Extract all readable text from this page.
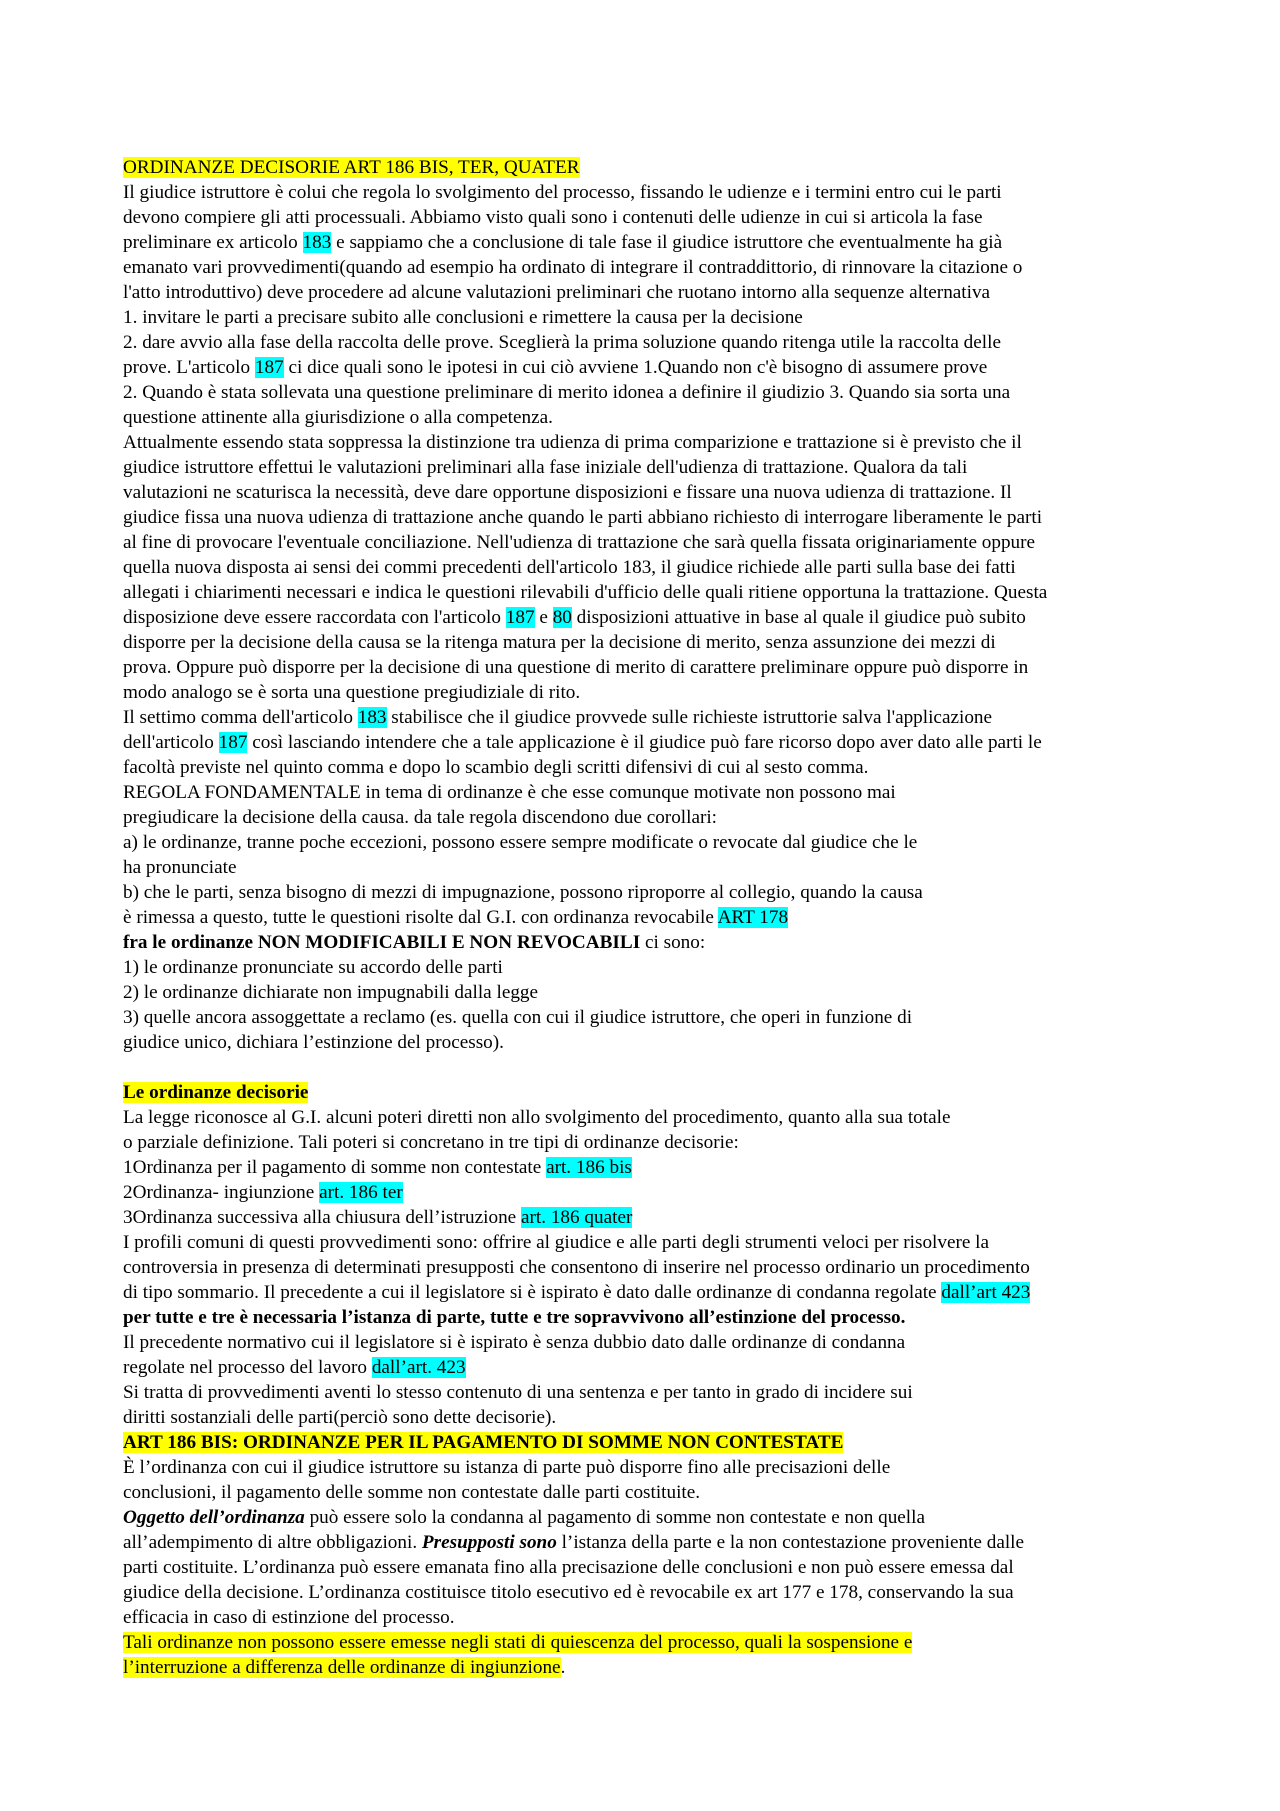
ORDINANZE DECISORIE ART 186 BIS, TER, QUATER
Il giudice istruttore è colui che regola lo svolgimento del processo, fissando le udienze e i termini entro cui le parti
devono compiere gli atti processuali. Abbiamo visto quali sono i contenuti delle udienze in cui si articola la fase
preliminare ex articolo 183 e sappiamo che a conclusione di tale fase il giudice istruttore che eventualmente ha già
emanato vari provvedimenti(quando ad esempio ha ordinato di integrare il contraddittorio, di rinnovare la citazione o
l'atto introduttivo) deve procedere ad alcune valutazioni preliminari che ruotano intorno alla sequenze alternativa
1. invitare le parti a precisare subito alle conclusioni e rimettere la causa per la decisione
2. dare avvio alla fase della raccolta delle prove. Sceglierà la prima soluzione quando ritenga utile la raccolta delle
prove. L'articolo 187 ci dice quali sono le ipotesi in cui ciò avviene 1.Quando non c'è bisogno di assumere prove
2. Quando è stata sollevata una questione preliminare di merito idonea a definire il giudizio 3. Quando sia sorta una
questione attinente alla giurisdizione o alla competenza.
Attualmente essendo stata soppressa la distinzione tra udienza di prima comparizione e trattazione si è previsto che il
giudice istruttore effettui le valutazioni preliminari alla fase iniziale dell'udienza di trattazione. Qualora da tali
valutazioni ne scaturisca la necessità, deve dare opportune disposizioni e fissare una nuova udienza di trattazione. Il
giudice fissa una nuova udienza di trattazione anche quando le parti abbiano richiesto di interrogare liberamente le parti
al fine di provocare l'eventuale conciliazione. Nell'udienza di trattazione che sarà quella fissata originariamente oppure
quella nuova disposta ai sensi dei commi precedenti dell'articolo 183, il giudice richiede alle parti sulla base dei fatti
allegati i chiarimenti necessari e indica le questioni rilevabili d'ufficio delle quali ritiene opportuna la trattazione. Questa
disposizione deve essere raccordata con l'articolo 187 e 80 disposizioni attuative in base al quale il giudice può subito
disporre per la decisione della causa se la ritenga matura per la decisione di merito, senza assunzione dei mezzi di
prova. Oppure può disporre per la decisione di una questione di merito di carattere preliminare oppure può disporre in
modo analogo se è sorta una questione pregiudiziale di rito.
Il settimo comma dell'articolo 183 stabilisce che il giudice provvede sulle richieste istruttorie salva l'applicazione
dell'articolo 187 così lasciando intendere che a tale applicazione è il giudice può fare ricorso dopo aver dato alle parti le
facoltà previste nel quinto comma e dopo lo scambio degli scritti difensivi di cui al sesto comma.
REGOLA FONDAMENTALE in tema di ordinanze è che esse comunque motivate non possono mai
pregiudicare la decisione della causa. da tale regola discendono due corollari:
a) le ordinanze, tranne poche eccezioni, possono essere sempre modificate o revocate dal giudice che le
ha pronunciate
b) che le parti, senza bisogno di mezzi di impugnazione, possono riproporre al collegio, quando la causa
è rimessa a questo, tutte le questioni risolte dal G.I. con ordinanza revocabile ART 178
fra le ordinanze NON MODIFICABILI E NON REVOCABILI ci sono:
1) le ordinanze pronunciate su accordo delle parti
2) le ordinanze dichiarate non impugnabili dalla legge
3) quelle ancora assoggettate a reclamo (es. quella con cui il giudice istruttore, che operi in funzione di
giudice unico, dichiara l’estinzione del processo).
Le ordinanze decisorie
La legge riconosce al G.I. alcuni poteri diretti non allo svolgimento del procedimento, quanto alla sua totale
o parziale definizione. Tali poteri si concretano in tre tipi di ordinanze decisorie:
1Ordinanza per il pagamento di somme non contestate art. 186 bis
2Ordinanza- ingiunzione art. 186 ter
3Ordinanza successiva alla chiusura dell’istruzione art. 186 quater
I profili comuni di questi provvedimenti sono: offrire al giudice e alle parti degli strumenti veloci per risolvere la
controversia in presenza di determinati presupposti che consentono di inserire nel processo ordinario un procedimento
di tipo sommario. Il precedente a cui il legislatore si è ispirato è dato dalle ordinanze di condanna regolate dall’art 423
per tutte e tre è necessaria l’istanza di parte, tutte e tre sopravvivono all’estinzione del processo.
Il precedente normativo cui il legislatore si è ispirato è senza dubbio dato dalle ordinanze di condanna
regolate nel processo del lavoro dall’art. 423
Si tratta di provvedimenti aventi lo stesso contenuto di una sentenza e per tanto in grado di incidere sui
diritti sostanziali delle parti(perciò sono dette decisorie).
ART 186 BIS: ORDINANZE PER IL PAGAMENTO DI SOMME NON CONTESTATE
È l’ordinanza con cui il giudice istruttore su istanza di parte può disporre fino alle precisazioni delle
conclusioni, il pagamento delle somme non contestate dalle parti costituite.
Oggetto dell’ordinanza può essere solo la condanna al pagamento di somme non contestate e non quella
all’adempimento di altre obbligazioni. Presupposti sono l’istanza della parte e la non contestazione proveniente dalle
parti costituite. L’ordinanza può essere emanata fino alla precisazione delle conclusioni e non può essere emessa dal
giudice della decisione. L’ordinanza costituisce titolo esecutivo ed è revocabile ex art 177 e 178, conservando la sua
efficacia in caso di estinzione del processo.
Tali ordinanze non possono essere emesse negli stati di quiescenza del processo, quali la sospensione e
l’interruzione a differenza delle ordinanze di ingiunzione.
